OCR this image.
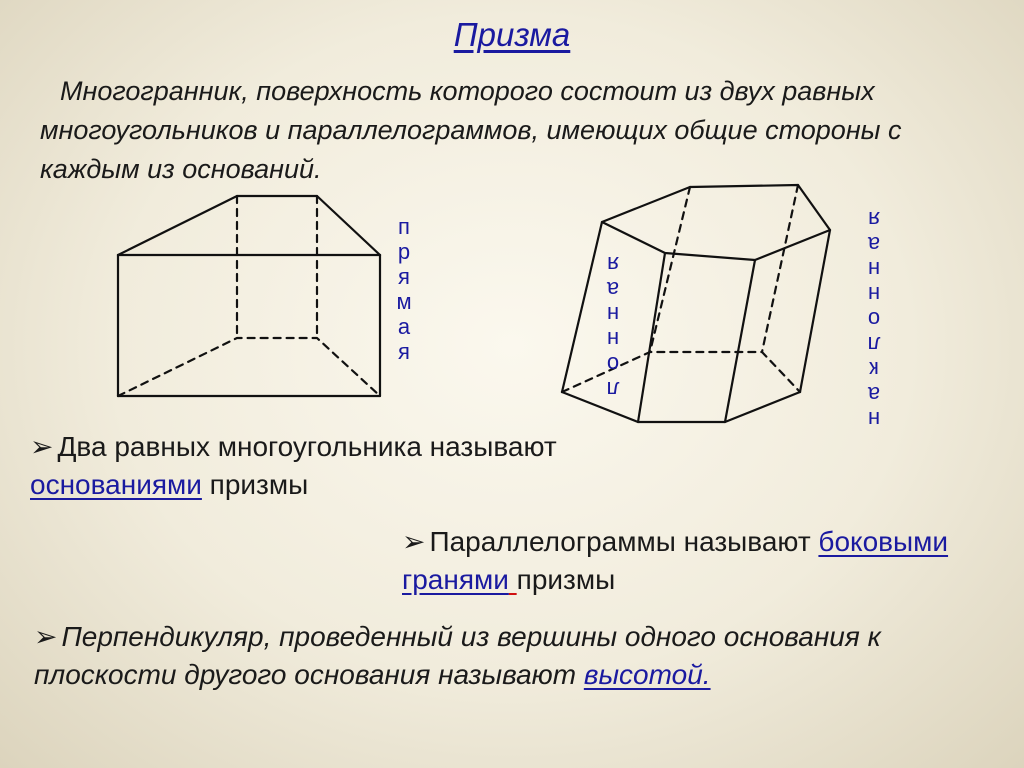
Призма
Многогранник, поверхность которого состоит из двух равных многоугольников и параллелограммов, имеющих общие стороны с каждым из оснований.
п
р
я
м
а
я
л
о
н
н
а
я
н
а
к
л
о
н
н
а
я
➢ Два равных многоугольника называют основаниями призмы
➢ Параллелограммы называют боковыми гранями призмы
➢ Перпендикуляр, проведенный из вершины одного основания к плоскости другого основания называют высотой.
